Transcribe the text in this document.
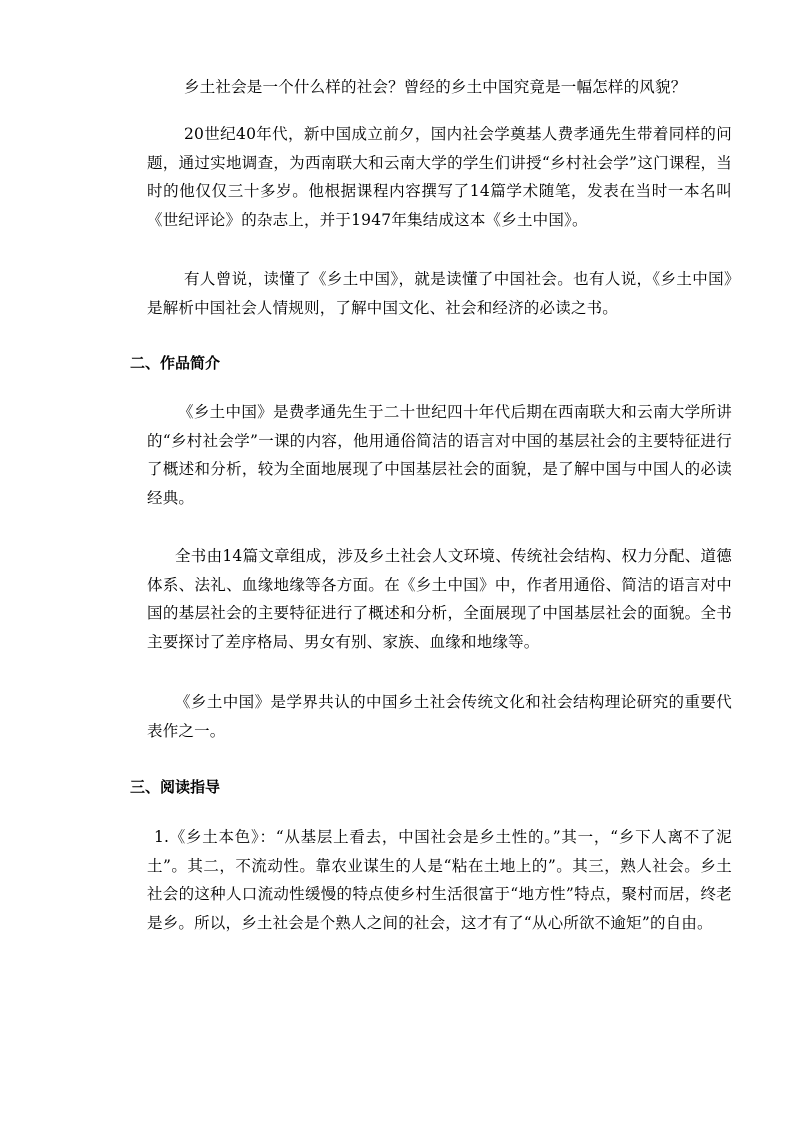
乡土社会是一个什么样的社会？曾经的乡土中国究竟是一幅怎样的风貌？

20世纪40年代，新中国成立前夕，国内社会学奠基人费孝通先生带着同样的问题，通过实地调查，为西南联大和云南大学的学生们讲授“乡村社会学”这门课程，当时的他仅仅三十多岁。他根据课程内容撰写了14篇学术随笔，发表在当时一本名叫《世纪评论》的杂志上，并于1947年集结成这本《乡土中国》。

有人曾说，读懂了《乡土中国》，就是读懂了中国社会。也有人说，《乡土中国》是解析中国社会人情规则，了解中国文化、社会和经济的必读之书。

二、作品简介

《乡土中国》是费孝通先生于二十世纪四十年代后期在西南联大和云南大学所讲的“乡村社会学”一课的内容，他用通俗简洁的语言对中国的基层社会的主要特征进行了概述和分析，较为全面地展现了中国基层社会的面貌，是了解中国与中国人的必读经典。

全书由14篇文章组成，涉及乡土社会人文环境、传统社会结构、权力分配、道德体系、法礼、血缘地缘等各方面。在《乡土中国》中，作者用通俗、简洁的语言对中国的基层社会的主要特征进行了概述和分析，全面展现了中国基层社会的面貌。全书主要探讨了差序格局、男女有别、家族、血缘和地缘等。

《乡土中国》是学界共认的中国乡土社会传统文化和社会结构理论研究的重要代表作之一。

三、阅读指导

1.《乡土本色》：“从基层上看去，中国社会是乡土性的。”其一，“乡下人离不了泥土”。其二，不流动性。靠农业谋生的人是“粘在土地上的”。其三，熟人社会。乡土社会的这种人口流动性缓慢的特点使乡村生活很富于“地方性”特点，聚村而居，终老是乡。所以，乡土社会是个熟人之间的社会，这才有了“从心所欲不逾矩”的自由。
